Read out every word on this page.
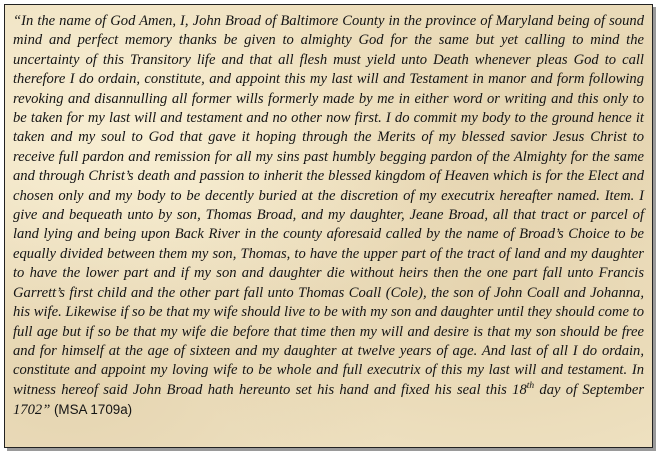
“In the name of God Amen, I, John Broad of Baltimore County in the province of Maryland being of sound mind and perfect memory thanks be given to almighty God for the same but yet calling to mind the uncertainty of this Transitory life and that all flesh must yield unto Death whenever pleas God to call therefore I do ordain, constitute, and appoint this my last will and Testament in manor and form following revoking and disannulling all former wills formerly made by me in either word or writing and this only to be taken for my last will and testament and no other now first. I do commit my body to the ground hence it taken and my soul to God that gave it hoping through the Merits of my blessed savior Jesus Christ to receive full pardon and remission for all my sins past humbly begging pardon of the Almighty for the same and through Christ’s death and passion to inherit the blessed kingdom of Heaven which is for the Elect and chosen only and my body to be decently buried at the discretion of my executrix hereafter named. Item. I give and bequeath unto by son, Thomas Broad, and my daughter, Jeane Broad, all that tract or parcel of land lying and being upon Back River in the county aforesaid called by the name of Broad’s Choice to be equally divided between them my son, Thomas, to have the upper part of the tract of land and my daughter to have the lower part and if my son and daughter die without heirs then the one part fall unto Francis Garrett’s first child and the other part fall unto Thomas Coall (Cole), the son of John Coall and Johanna, his wife. Likewise if so be that my wife should live to be with my son and daughter until they should come to full age but if so be that my wife die before that time then my will and desire is that my son should be free and for himself at the age of sixteen and my daughter at twelve years of age. And last of all I do ordain, constitute and appoint my loving wife to be whole and full executrix of this my last will and testament. In witness hereof said John Broad hath hereunto set his hand and fixed his seal this 18th day of September 1702” (MSA 1709a)
